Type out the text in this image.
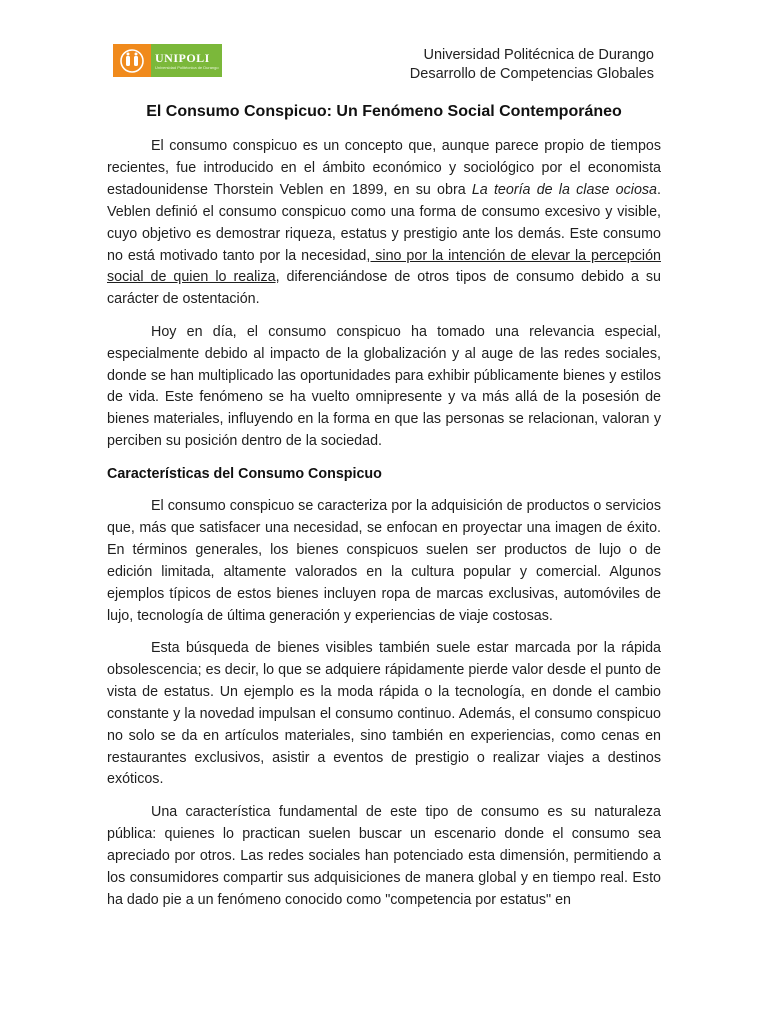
UNIPOLI
Universidad Politécnica de Durango
Universidad Politécnica de Durango
Desarrollo de Competencias Globales
El Consumo Conspicuo: Un Fenómeno Social Contemporáneo

El consumo conspicuo es un concepto que, aunque parece propio de tiempos recientes, fue introducido en el ámbito económico y sociológico por el economista estadounidense Thorstein Veblen en 1899, en su obra La teoría de la clase ociosa. Veblen definió el consumo conspicuo como una forma de consumo excesivo y visible, cuyo objetivo es demostrar riqueza, estatus y prestigio ante los demás. Este consumo no está motivado tanto por la necesidad, sino por la intención de elevar la percepción social de quien lo realiza, diferenciándose de otros tipos de consumo debido a su carácter de ostentación.

Hoy en día, el consumo conspicuo ha tomado una relevancia especial, especialmente debido al impacto de la globalización y al auge de las redes sociales, donde se han multiplicado las oportunidades para exhibir públicamente bienes y estilos de vida. Este fenómeno se ha vuelto omnipresente y va más allá de la posesión de bienes materiales, influyendo en la forma en que las personas se relacionan, valoran y perciben su posición dentro de la sociedad.

Características del Consumo Conspicuo

El consumo conspicuo se caracteriza por la adquisición de productos o servicios que, más que satisfacer una necesidad, se enfocan en proyectar una imagen de éxito. En términos generales, los bienes conspicuos suelen ser productos de lujo o de edición limitada, altamente valorados en la cultura popular y comercial. Algunos ejemplos típicos de estos bienes incluyen ropa de marcas exclusivas, automóviles de lujo, tecnología de última generación y experiencias de viaje costosas.

Esta búsqueda de bienes visibles también suele estar marcada por la rápida obsolescencia; es decir, lo que se adquiere rápidamente pierde valor desde el punto de vista de estatus. Un ejemplo es la moda rápida o la tecnología, en donde el cambio constante y la novedad impulsan el consumo continuo. Además, el consumo conspicuo no solo se da en artículos materiales, sino también en experiencias, como cenas en restaurantes exclusivos, asistir a eventos de prestigio o realizar viajes a destinos exóticos.

Una característica fundamental de este tipo de consumo es su naturaleza pública: quienes lo practican suelen buscar un escenario donde el consumo sea apreciado por otros. Las redes sociales han potenciado esta dimensión, permitiendo a los consumidores compartir sus adquisiciones de manera global y en tiempo real. Esto ha dado pie a un fenómeno conocido como "competencia por estatus" en
